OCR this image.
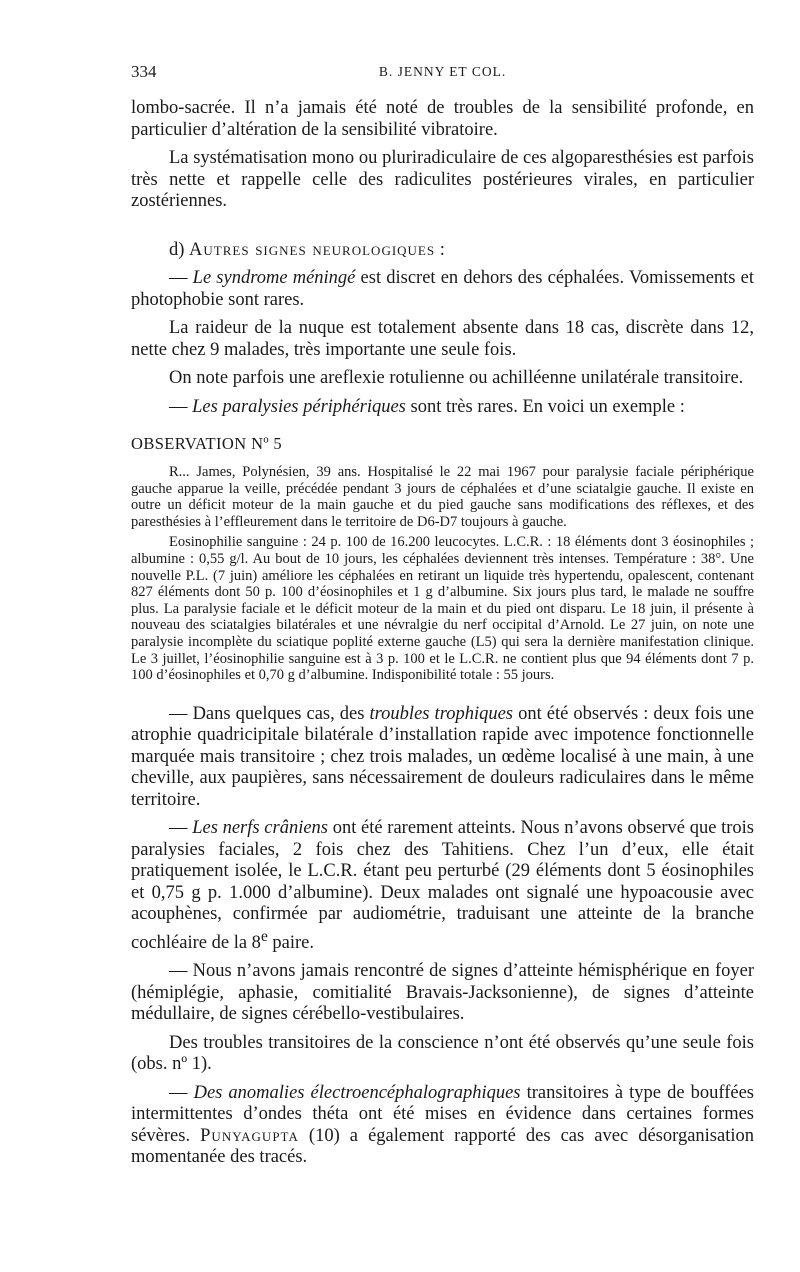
334	B. JENNY ET COL.

lombo-sacrée. Il n’a jamais été noté de troubles de la sensibilité profonde, en particulier d’altération de la sensibilité vibratoire.

La systématisation mono ou pluriradiculaire de ces algoparesthésies est parfois très nette et rappelle celle des radiculites postérieures virales, en particulier zostériennes.

d) Autres signes neurologiques :

— Le syndrome méningé est discret en dehors des céphalées. Vomissements et photophobie sont rares.

La raideur de la nuque est totalement absente dans 18 cas, discrète dans 12, nette chez 9 malades, très importante une seule fois.

On note parfois une areflexie rotulienne ou achilléenne unilatérale transitoire.

— Les paralysies périphériques sont très rares. En voici un exemple :

OBSERVATION Nº 5

R... James, Polynésien, 39 ans. Hospitalisé le 22 mai 1967 pour paralysie faciale périphérique gauche apparue la veille, précédée pendant 3 jours de céphalées et d’une sciatalgie gauche. Il existe en outre un déficit moteur de la main gauche et du pied gauche sans modifications des réflexes, et des paresthésies à l’effleurement dans le territoire de D6-D7 toujours à gauche.

Eosinophilie sanguine : 24 p. 100 de 16.200 leucocytes. L.C.R. : 18 éléments dont 3 éosinophiles ; albumine : 0,55 g/l. Au bout de 10 jours, les céphalées deviennent très intenses. Température : 38°. Une nouvelle P.L. (7 juin) améliore les céphalées en retirant un liquide très hypertendu, opalescent, contenant 827 éléments dont 50 p. 100 d’éosinophiles et 1 g d’albumine. Six jours plus tard, le malade ne souffre plus. La paralysie faciale et le déficit moteur de la main et du pied ont disparu. Le 18 juin, il présente à nouveau des sciatalgies bilatérales et une névralgie du nerf occipital d’Arnold. Le 27 juin, on note une paralysie incomplète du sciatique poplité externe gauche (L5) qui sera la dernière manifestation clinique. Le 3 juillet, l’éosinophilie sanguine est à 3 p. 100 et le L.C.R. ne contient plus que 94 éléments dont 7 p. 100 d’éosinophiles et 0,70 g d’albumine. Indisponibilité totale : 55 jours.

— Dans quelques cas, des troubles trophiques ont été observés : deux fois une atrophie quadricipitale bilatérale d’installation rapide avec impotence fonctionnelle marquée mais transitoire ; chez trois malades, un œdème localisé à une main, à une cheville, aux paupières, sans nécessairement de douleurs radiculaires dans le même territoire.

— Les nerfs crâniens ont été rarement atteints. Nous n’avons observé que trois paralysies faciales, 2 fois chez des Tahitiens. Chez l’un d’eux, elle était pratiquement isolée, le L.C.R. étant peu perturbé (29 éléments dont 5 éosinophiles et 0,75 g p. 1.000 d’albumine). Deux malades ont signalé une hypoacousie avec acouphènes, confirmée par audiométrie, traduisant une atteinte de la branche cochléaire de la 8e paire.

— Nous n’avons jamais rencontré de signes d’atteinte hémisphérique en foyer (hémiplégie, aphasie, comitialité Bravais-Jacksonienne), de signes d’atteinte médullaire, de signes cérébello-vestibulaires.

Des troubles transitoires de la conscience n’ont été observés qu’une seule fois (obs. nº 1).

— Des anomalies électroencéphalographiques transitoires à type de bouffées intermittentes d’ondes théta ont été mises en évidence dans certaines formes sévères. Punyagupta (10) a également rapporté des cas avec désorganisation momentanée des tracés.
